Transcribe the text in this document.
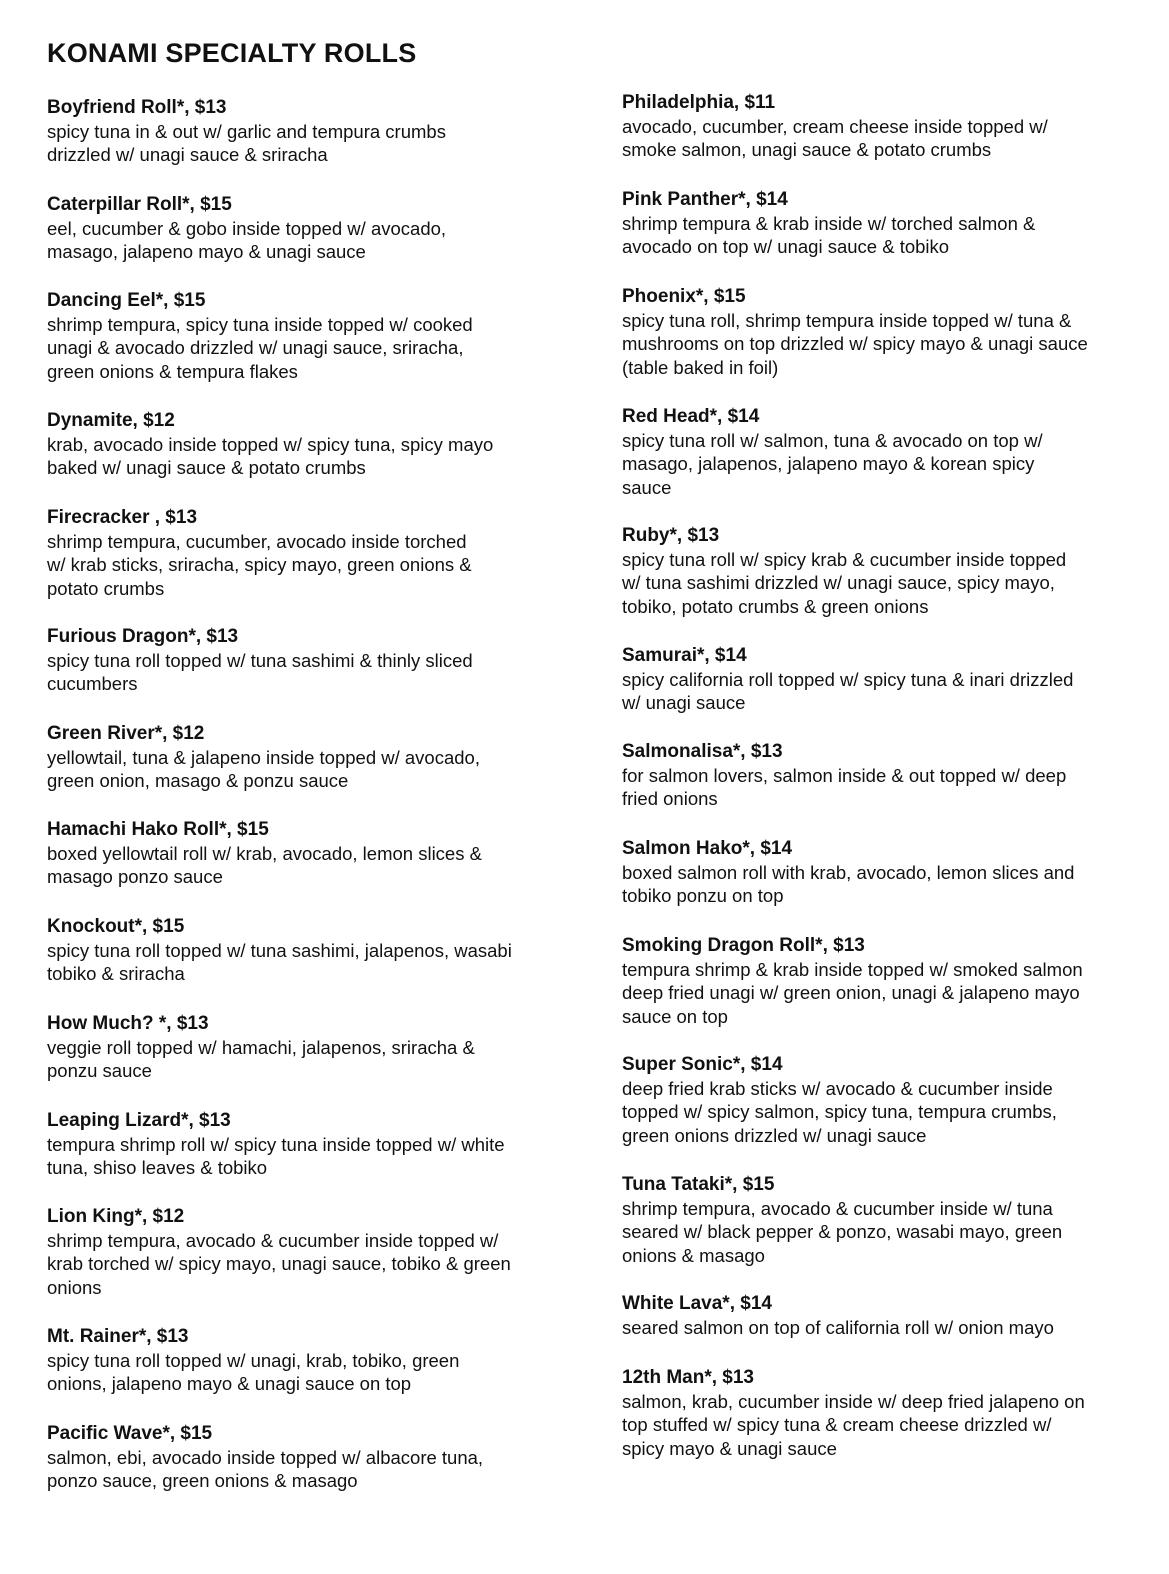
KONAMI SPECIALTY ROLLS
Boyfriend Roll*, $13
spicy tuna in & out w/ garlic and tempura crumbs
drizzled w/ unagi sauce & sriracha
Caterpillar Roll*, $15
eel, cucumber & gobo inside topped w/ avocado,
masago, jalapeno mayo & unagi sauce
Dancing Eel*, $15
shrimp tempura, spicy tuna inside topped w/ cooked
unagi & avocado drizzled w/ unagi sauce, sriracha,
green onions & tempura flakes
Dynamite, $12
krab, avocado inside topped w/ spicy tuna, spicy mayo
baked w/ unagi sauce & potato crumbs
Firecracker , $13
shrimp tempura, cucumber, avocado inside torched
w/ krab sticks, sriracha, spicy mayo, green onions &
potato crumbs
Furious Dragon*, $13
spicy tuna roll topped w/ tuna sashimi & thinly sliced
cucumbers
Green River*, $12
yellowtail, tuna & jalapeno inside topped w/ avocado,
green onion, masago & ponzu sauce
Hamachi Hako Roll*, $15
boxed yellowtail roll w/ krab, avocado, lemon slices &
masago ponzo sauce
Knockout*, $15
spicy tuna roll topped w/ tuna sashimi, jalapenos, wasabi
tobiko & sriracha
How Much? *, $13
veggie roll topped w/ hamachi, jalapenos, sriracha &
ponzu sauce
Leaping Lizard*, $13
tempura shrimp roll w/ spicy tuna inside topped w/ white
tuna, shiso leaves & tobiko
Lion King*, $12
shrimp tempura, avocado & cucumber inside topped w/
krab torched w/ spicy mayo, unagi sauce, tobiko & green
onions
Mt. Rainer*, $13
spicy tuna roll topped w/ unagi, krab, tobiko, green
onions, jalapeno mayo & unagi sauce on top
Pacific Wave*, $15
salmon, ebi, avocado inside topped w/ albacore tuna,
ponzo sauce, green onions & masago
Philadelphia, $11
avocado, cucumber, cream cheese inside topped w/
smoke salmon, unagi sauce & potato crumbs
Pink Panther*, $14
shrimp tempura & krab inside w/ torched salmon &
avocado on top w/ unagi sauce & tobiko
Phoenix*, $15
spicy tuna roll, shrimp tempura inside topped w/ tuna &
mushrooms on top drizzled w/ spicy mayo & unagi sauce
(table baked in foil)
Red Head*, $14
spicy tuna roll w/ salmon, tuna & avocado on top w/
masago, jalapenos, jalapeno mayo & korean spicy
sauce
Ruby*, $13
spicy tuna roll w/ spicy krab & cucumber inside topped
w/ tuna sashimi drizzled w/ unagi sauce, spicy mayo,
tobiko, potato crumbs & green onions
Samurai*, $14
spicy california roll topped w/ spicy tuna & inari drizzled
w/ unagi sauce
Salmonalisa*, $13
for salmon lovers, salmon inside & out topped w/ deep
fried onions
Salmon Hako*, $14
boxed salmon roll with krab, avocado, lemon slices and
tobiko ponzu on top
Smoking Dragon Roll*, $13
tempura shrimp & krab inside topped w/ smoked salmon
deep fried unagi w/ green onion, unagi & jalapeno mayo
sauce on top
Super Sonic*, $14
deep fried krab sticks w/ avocado & cucumber inside
topped w/ spicy salmon, spicy tuna, tempura crumbs,
green onions drizzled w/ unagi sauce
Tuna Tataki*, $15
shrimp tempura, avocado & cucumber inside w/ tuna
seared w/ black pepper & ponzo, wasabi mayo, green
onions & masago
White Lava*, $14
seared salmon on top of california roll w/ onion mayo
12th Man*, $13
salmon, krab, cucumber inside w/ deep fried jalapeno on
top stuffed w/ spicy tuna & cream cheese drizzled w/
spicy mayo & unagi sauce
